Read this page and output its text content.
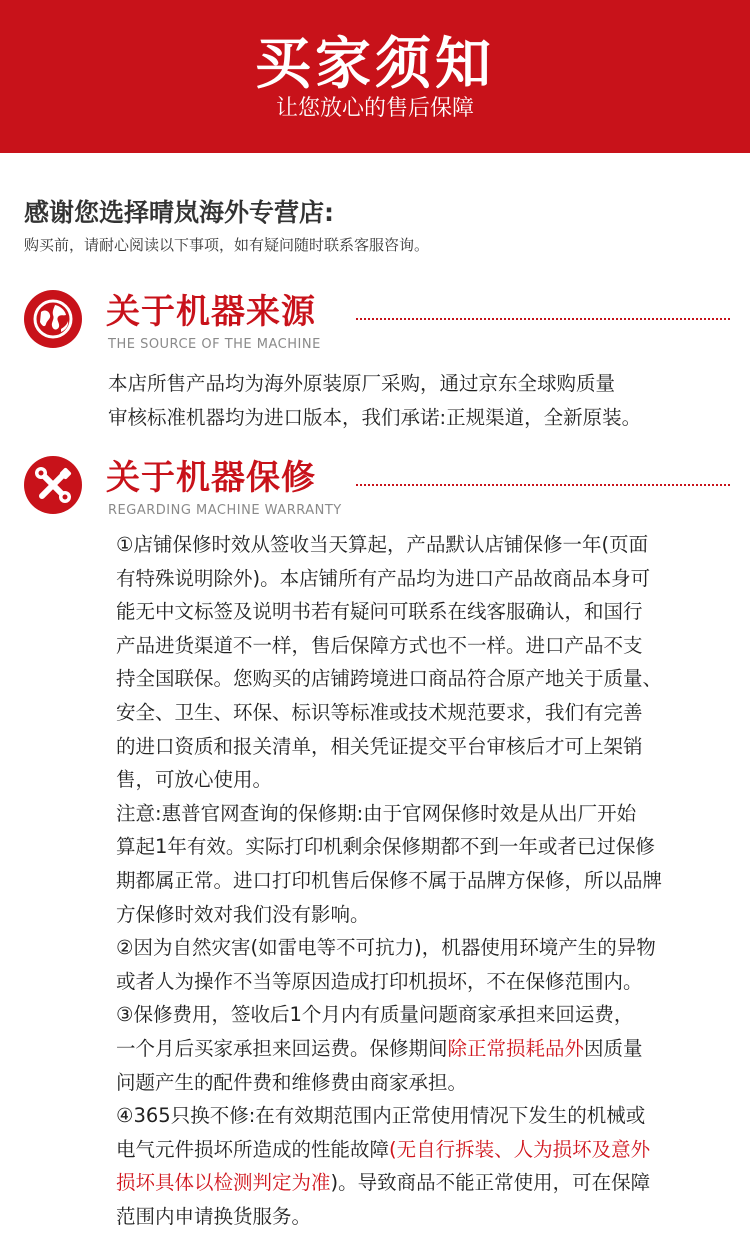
买家须知
让您放心的售后保障
感谢您选择晴岚海外专营店:
购买前，请耐心阅读以下事项，如有疑问随时联系客服咨询。
关于机器来源
THE SOURCE OF THE MACHINE
本店所售产品均为海外原装原厂采购，通过京东全球购质量
审核标准机器均为进口版本，我们承诺:正规渠道，全新原装。
关于机器保修
REGARDING MACHINE WARRANTY
①店铺保修时效从签收当天算起，产品默认店铺保修一年(页面
有特殊说明除外)。本店铺所有产品均为进口产品故商品本身可
能无中文标签及说明书若有疑问可联系在线客服确认，和国行
产品进货渠道不一样，售后保障方式也不一样。进口产品不支
持全国联保。您购买的店铺跨境进口商品符合原产地关于质量、
安全、卫生、环保、标识等标准或技术规范要求，我们有完善
的进口资质和报关清单，相关凭证提交平台审核后才可上架销
售，可放心使用。
注意:惠普官网查询的保修期:由于官网保修时效是从出厂开始
算起1年有效。实际打印机剩余保修期都不到一年或者已过保修
期都属正常。进口打印机售后保修不属于品牌方保修，所以品牌
方保修时效对我们没有影响。
②因为自然灾害(如雷电等不可抗力)，机器使用环境产生的异物
或者人为操作不当等原因造成打印机损坏，不在保修范围内。
③保修费用，签收后1个月内有质量问题商家承担来回运费，
一个月后买家承担来回运费。保修期间除正常损耗品外因质量
问题产生的配件费和维修费由商家承担。
④365只换不修:在有效期范围内正常使用情况下发生的机械或
电气元件损坏所造成的性能故障(无自行拆装、人为损坏及意外
损坏具体以检测判定为准)。导致商品不能正常使用，可在保障
范围内申请换货服务。
